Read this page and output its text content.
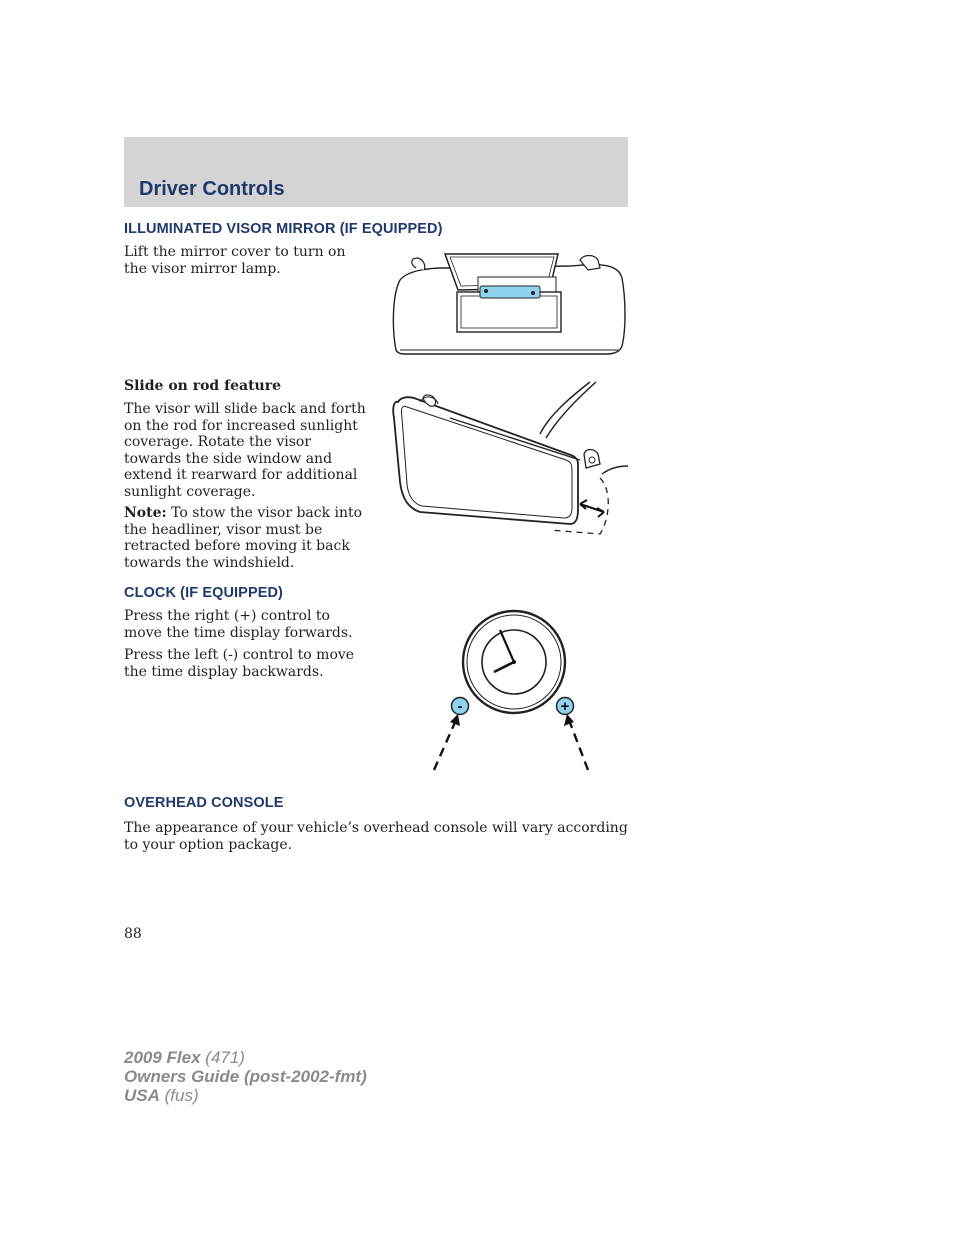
Driver Controls
ILLUMINATED VISOR MIRROR (IF EQUIPPED)

Lift the mirror cover to turn on the visor mirror lamp.

Slide on rod feature

The visor will slide back and forth on the rod for increased sunlight coverage. Rotate the visor towards the side window and extend it rearward for additional sunlight coverage.

Note: To stow the visor back into the headliner, visor must be retracted before moving it back towards the windshield.

CLOCK (IF EQUIPPED)

Press the right (+) control to move the time display forwards.

Press the left (-) control to move the time display backwards.

-	+
OVERHEAD CONSOLE

The appearance of your vehicle’s overhead console will vary according to your option package.

88
2009 Flex (471)
Owners Guide (post-2002-fmt)
USA (fus)
